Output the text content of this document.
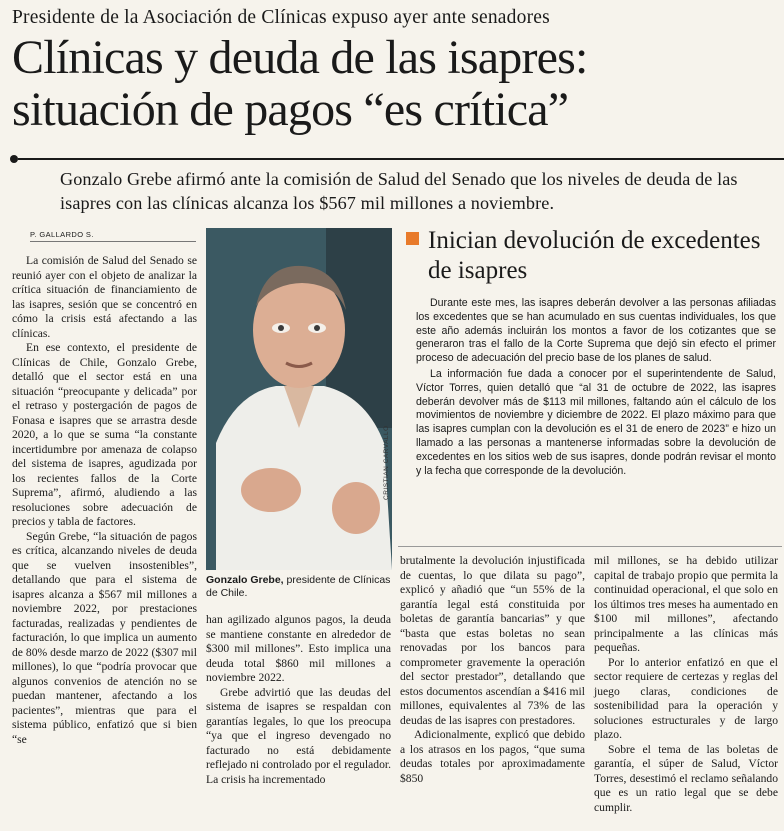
Presidente de la Asociación de Clínicas expuso ayer ante senadores
Clínicas y deuda de las isapres:
situación de pagos “es crítica”
Gonzalo Grebe afirmó ante la comisión de Salud del Senado que los niveles de deuda de las isapres con las clínicas alcanza los $567 mil millones a noviembre.
P. GALLARDO S.

La comisión de Salud del Senado se reunió ayer con el objeto de analizar la crítica situación de financiamiento de las isapres, sesión que se concentró en cómo la crisis está afectando a las clínicas.

En ese contexto, el presidente de Clínicas de Chile, Gonzalo Grebe, detalló que el sector está en una situación “preocupante y delicada” por el retraso y postergación de pagos de Fonasa e isapres que se arrastra desde 2020, a lo que se suma “la constante incertidumbre por amenaza de colapso del sistema de isapres, agudizada por los recientes fallos de la Corte Suprema”, afirmó, aludiendo a las resoluciones sobre adecuación de precios y tabla de factores.

Según Grebe, “la situación de pagos es crítica, alcanzando niveles de deuda que se vuelven insostenibles”, detallando que para el sistema de isapres alcanza a $567 mil millones a noviembre 2022, por prestaciones facturadas, realizadas y pendientes de facturación, lo que implica un aumento de 80% desde marzo de 2022 ($307 mil millones), lo que “podría provocar que algunos convenios de atención no se puedan mantener, afectando a los pacientes”, mientras que para el sistema público, enfatizó que si bien “se

CRISTIAN CARVALLO
Gonzalo Grebe, presidente de Clínicas de Chile.

han agilizado algunos pagos, la deuda se mantiene constante en alrededor de $300 mil millones”. Esto implica una deuda total $860 mil millones a noviembre 2022.

Grebe advirtió que las deudas del sistema de isapres se respaldan con garantías legales, lo que los preocupa “ya que el ingreso devengado no facturado no está debidamente reflejado ni controlado por el regulador. La crisis ha incrementado

Inician devolución de excedentes de isapres

Durante este mes, las isapres deberán devolver a las personas afiliadas los excedentes que se han acumulado en sus cuentas individuales, los que este año además incluirán los montos a favor de los cotizantes que se generaron tras el fallo de la Corte Suprema que dejó sin efecto el primer proceso de adecuación del precio base de los planes de salud.

La información fue dada a conocer por el superintendente de Salud, Víctor Torres, quien detalló que “al 31 de octubre de 2022, las isapres deberán devolver más de $113 mil millones, faltando aún el cálculo de los movimientos de noviembre y diciembre de 2022. El plazo máximo para que las isapres cumplan con la devolución es el 31 de enero de 2023” e hizo un llamado a las personas a mantenerse informadas sobre la devolución de excedentes en los sitios web de sus isapres, donde podrán revisar el monto y la fecha que corresponde de la devolución.

brutalmente la devolución injustificada de cuentas, lo que dilata su pago”, explicó y añadió que “un 55% de la garantía legal está constituida por boletas de garantía bancarias” y que “basta que estas boletas no sean renovadas por los bancos para comprometer gravemente la operación del sector prestador”, detallando que estos documentos ascendían a $416 mil millones, equivalentes al 73% de las deudas de las isapres con prestadores.

Adicionalmente, explicó que debido a los atrasos en los pagos, “que suma deudas totales por aproximadamente $850

mil millones, se ha debido utilizar capital de trabajo propio que permita la continuidad operacional, el que solo en los últimos tres meses ha aumentado en $100 mil millones”, afectando principalmente a las clínicas más pequeñas.

Por lo anterior enfatizó en que el sector requiere de certezas y reglas del juego claras, condiciones de sostenibilidad para la operación y soluciones estructurales y de largo plazo.

Sobre el tema de las boletas de garantía, el súper de Salud, Víctor Torres, desestimó el reclamo señalando que es un ratio legal que se debe cumplir.
